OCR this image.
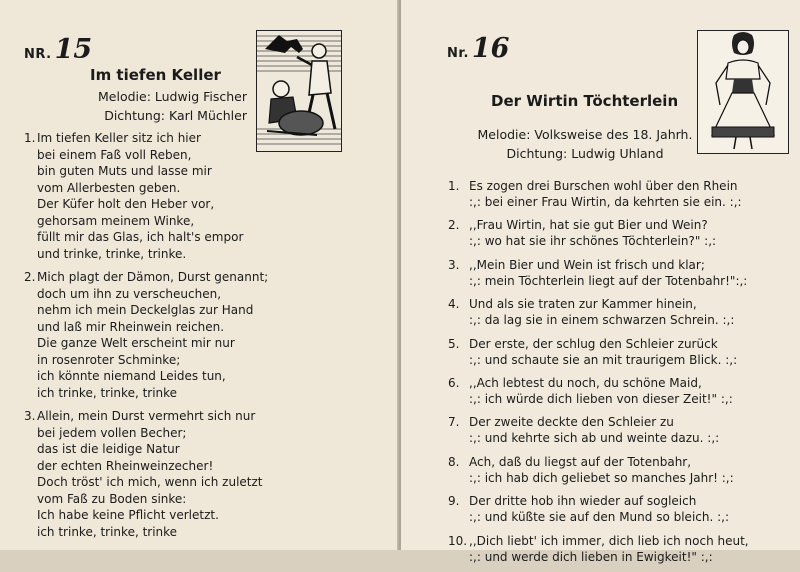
NR. 15
Im tiefen Keller
Melodie: Ludwig Fischer
Dichtung: Karl Müchler
1. Im tiefen Keller sitz ich hier
bei einem Faß voll Reben,
bin guten Muts und lasse mir
vom Allerbesten geben.
Der Küfer holt den Heber vor,
gehorsam meinem Winke,
füllt mir das Glas, ich halt's empor
und trinke, trinke, trinke.
2. Mich plagt der Dämon, Durst genannt;
doch um ihn zu verscheuchen,
nehm ich mein Deckelglas zur Hand
und laß mir Rheinwein reichen.
Die ganze Welt erscheint mir nur
in rosenroter Schminke;
ich könnte niemand Leides tun,
ich trinke, trinke, trinke
3. Allein, mein Durst vermehrt sich nur
bei jedem vollen Becher;
das ist die leidige Natur
der echten Rheinweinzecher!
Doch tröst' ich mich, wenn ich zuletzt
vom Faß zu Boden sinke:
Ich habe keine Pflicht verletzt.
ich trinke, trinke, trinke
Nr. 16
Der Wirtin Töchterlein
Melodie: Volksweise des 18. Jahrh.
Dichtung: Ludwig Uhland
1. Es zogen drei Burschen wohl über den Rhein
:,: bei einer Frau Wirtin, da kehrten sie ein. :,:
2. ,,Frau Wirtin, hat sie gut Bier und Wein?
:,: wo hat sie ihr schönes Töchterlein?" :,:
3. ,,Mein Bier und Wein ist frisch und klar;
:,: mein Töchterlein liegt auf der Totenbahr!":,:
4. Und als sie traten zur Kammer hinein,
:,: da lag sie in einem schwarzen Schrein. :,:
5. Der erste, der schlug den Schleier zurück
:,: und schaute sie an mit traurigem Blick. :,:
6. ,,Ach lebtest du noch, du schöne Maid,
:,: ich würde dich lieben von dieser Zeit!" :,:
7. Der zweite deckte den Schleier zu
:,: und kehrte sich ab und weinte dazu. :,:
8. Ach, daß du liegst auf der Totenbahr,
:,: ich hab dich geliebet so manches Jahr! :,:
9. Der dritte hob ihn wieder auf sogleich
:,: und küßte sie auf den Mund so bleich. :,:
10. ,,Dich liebt' ich immer, dich lieb ich noch heut,
:,: und werde dich lieben in Ewigkeit!" :,:
